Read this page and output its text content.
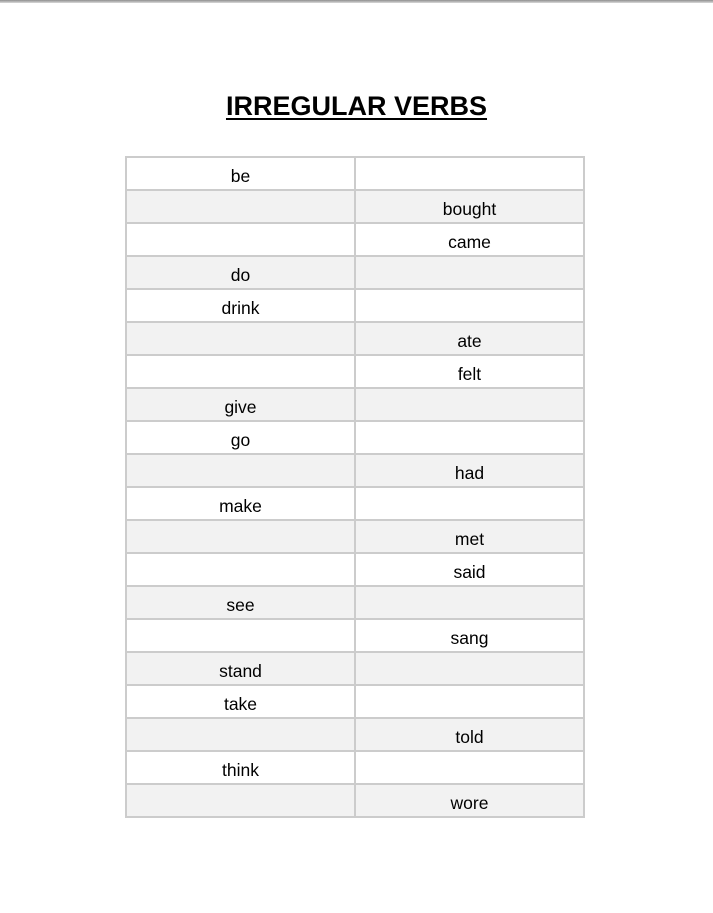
IRREGULAR VERBS
be	
	bought
	came
do	
drink	
	ate
	felt
give	
go	
	had
make	
	met
	said
see	
	sang
stand	
take	
	told
think	
	wore
